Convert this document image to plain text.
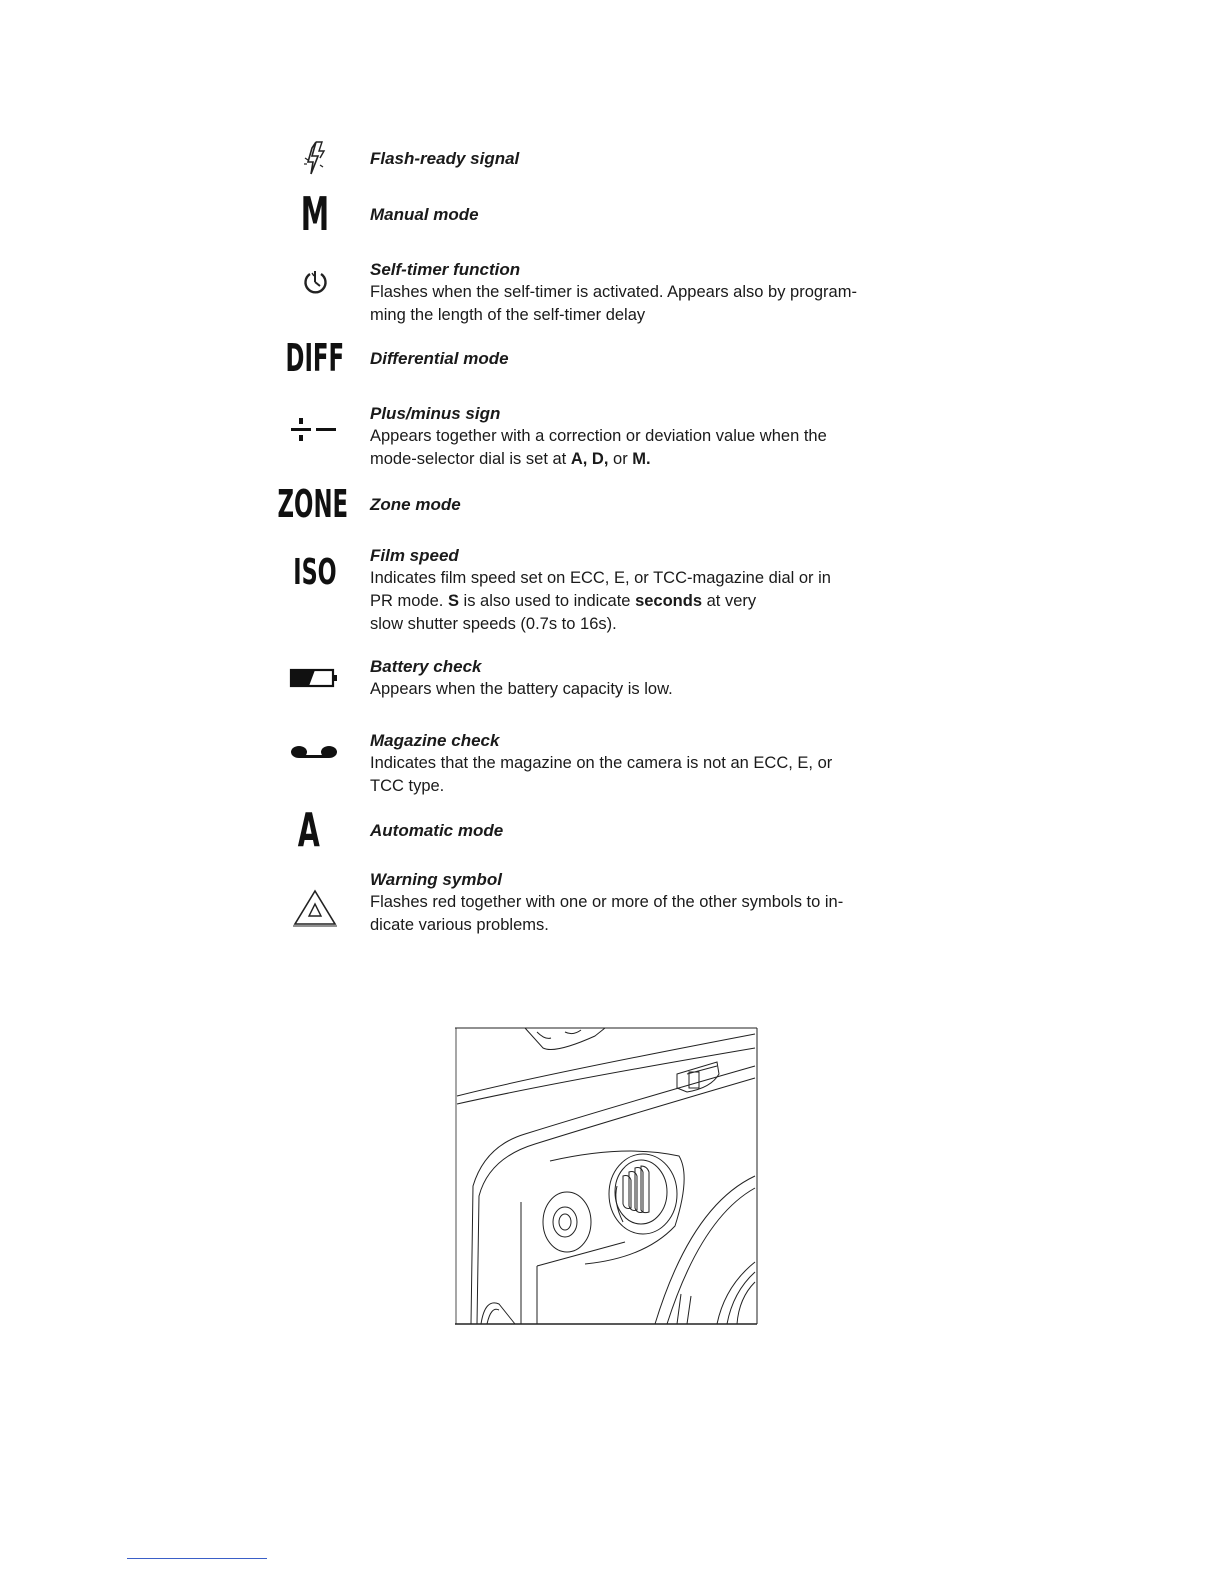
Flash-ready signal

M Manual mode

Self-timer function

Flashes when the self-timer is activated. Appears also by program-

ming the length of the self-timer delay

DIFF Differential mode

Plus/minus sign

Appears together with a correction or deviation value when the

mode-selector dial is set at A, D, or M.

ZONE Zone mode

ISO Film speed

Indicates film speed set on ECC, E, or TCC-magazine dial or in

PR mode. S is also used to indicate seconds at very

slow shutter speeds (0.7s to 16s).

Battery check

Appears when the battery capacity is low.

Magazine check

Indicates that the magazine on the camera is not an ECC, E, or

TCC type.

A	Automatic mode

Warning symbol

Flashes red together with one or more of the other symbols to in-

dicate various problems.
